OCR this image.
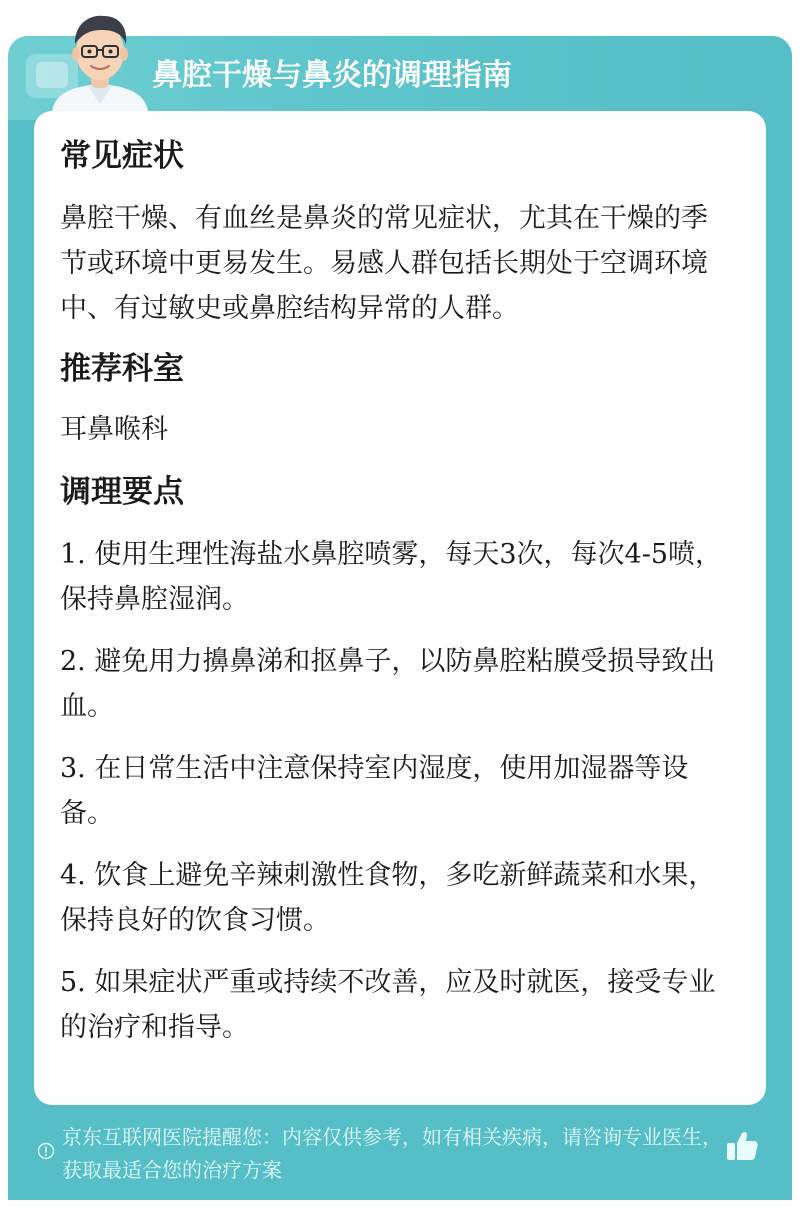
鼻腔干燥与鼻炎的调理指南
常见症状

鼻腔干燥、有血丝是鼻炎的常见症状，尤其在干燥的季节或环境中更易发生。易感人群包括长期处于空调环境中、有过敏史或鼻腔结构异常的人群。

推荐科室

耳鼻喉科

调理要点

1. 使用生理性海盐水鼻腔喷雾，每天3次，每次4-5喷，保持鼻腔湿润。

2. 避免用力擤鼻涕和抠鼻子，以防鼻腔粘膜受损导致出血。

3. 在日常生活中注意保持室内湿度，使用加湿器等设备。

4. 饮食上避免辛辣刺激性食物，多吃新鲜蔬菜和水果，保持良好的饮食习惯。

5. 如果症状严重或持续不改善，应及时就医，接受专业的治疗和指导。

京东互联网医院提醒您：内容仅供参考，如有相关疾病，请咨询专业医生，获取最适合您的治疗方案
